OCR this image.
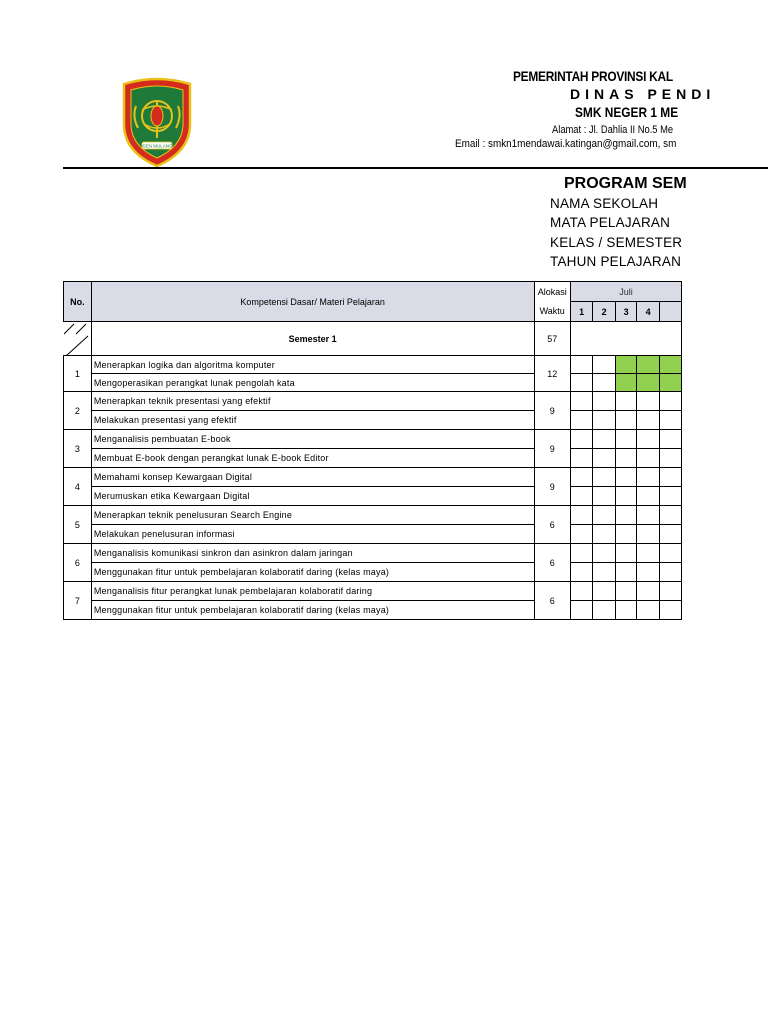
ISEN MULANG
PEMERINTAH PROVINSI KAL
DINAS PENDI
SMK NEGER 1 ME
Alamat : Jl. Dahlia II No.5 Me
Email : smkn1mendawai.katingan@gmail.com, sm
PROGRAM SEM
NAMA SEKOLAH
MATA PELAJARAN
KELAS / SEMESTER
TAHUN PELAJARAN
No.	Kompetensi Dasar/ Materi Pelajaran	Alokasi	Juli				
		Waktu	1	2	3	4	

	Semester 1	57					
1	Menerapkan logika dan algoritma komputer	12					
	Mengoperasikan perangkat lunak pengolah kata						
2	Menerapkan teknik presentasi yang efektif	9					
	Melakukan presentasi yang efektif						
3	Menganalisis pembuatan E-book	9					
	Membuat E-book dengan perangkat lunak E-book Editor						
4	Memahami konsep Kewargaan Digital	9					
	Merumuskan etika Kewargaan Digital						
5	Menerapkan teknik penelusuran Search Engine	6					
	Melakukan penelusuran informasi						
6	Menganalisis komunikasi sinkron dan asinkron dalam jaringan	6					
	Menggunakan fitur untuk pembelajaran kolaboratif daring (kelas maya)						
7	Menganalisis fitur perangkat lunak pembelajaran kolaboratif daring	6					
	Menggunakan fitur untuk pembelajaran kolaboratif daring (kelas maya)						
